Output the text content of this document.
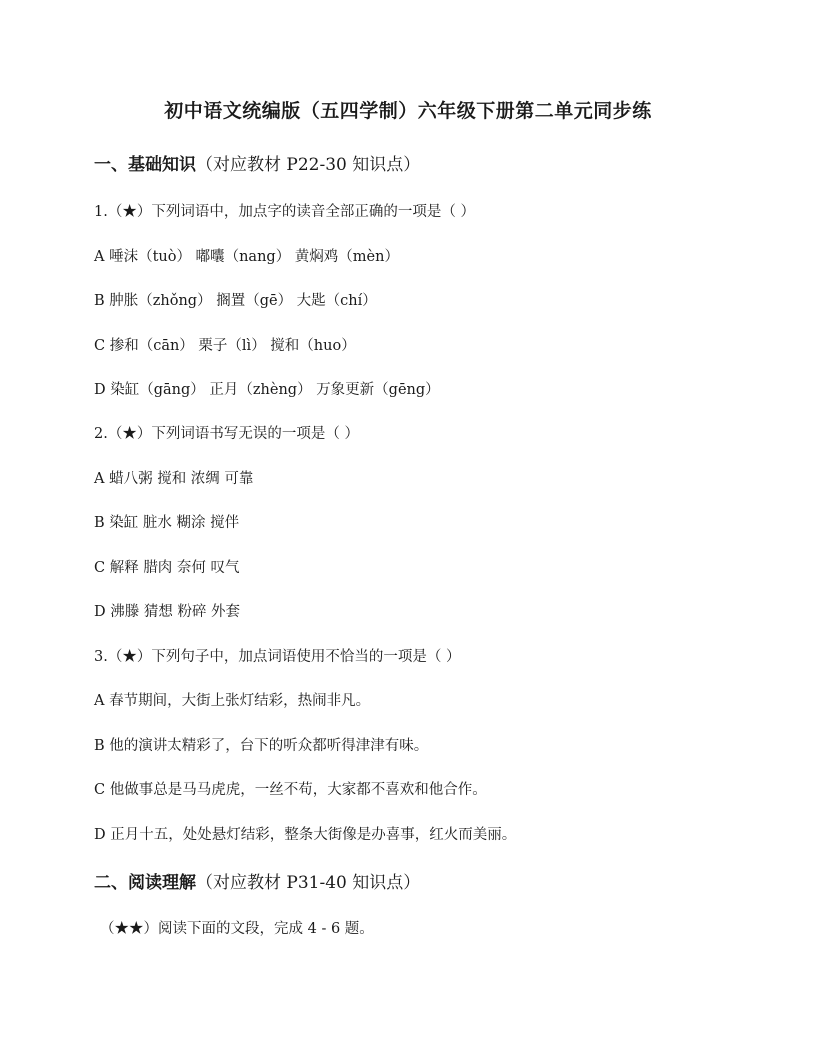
初中语文统编版（五四学制）六年级下册第二单元同步练
一、基础知识（对应教材 P22-30 知识点）
1.（★）下列词语中，加点字的读音全部正确的一项是（ ）
A 唾沫（tuò） 嘟囔（nang） 黄焖鸡（mèn）
B 肿胀（zhǒng） 搁置（gē） 大匙（chí）
C 掺和（cān） 栗子（lì） 搅和（huo）
D 染缸（gāng） 正月（zhèng） 万象更新（gēng）
2.（★）下列词语书写无误的一项是（ ）
A 蜡八粥 搅和 浓绸 可靠
B 染缸 脏水 糊涂 搅伴
C 解释 腊肉 奈何 叹气
D 沸滕 猜想 粉碎 外套
3.（★）下列句子中，加点词语使用不恰当的一项是（ ）
A 春节期间，大街上张灯结彩，热闹非凡。
B 他的演讲太精彩了，台下的听众都听得津津有味。
C 他做事总是马马虎虎，一丝不苟，大家都不喜欢和他合作。
D 正月十五，处处悬灯结彩，整条大街像是办喜事，红火而美丽。
二、阅读理解（对应教材 P31-40 知识点）
（★★）阅读下面的文段，完成 4 - 6 题。
